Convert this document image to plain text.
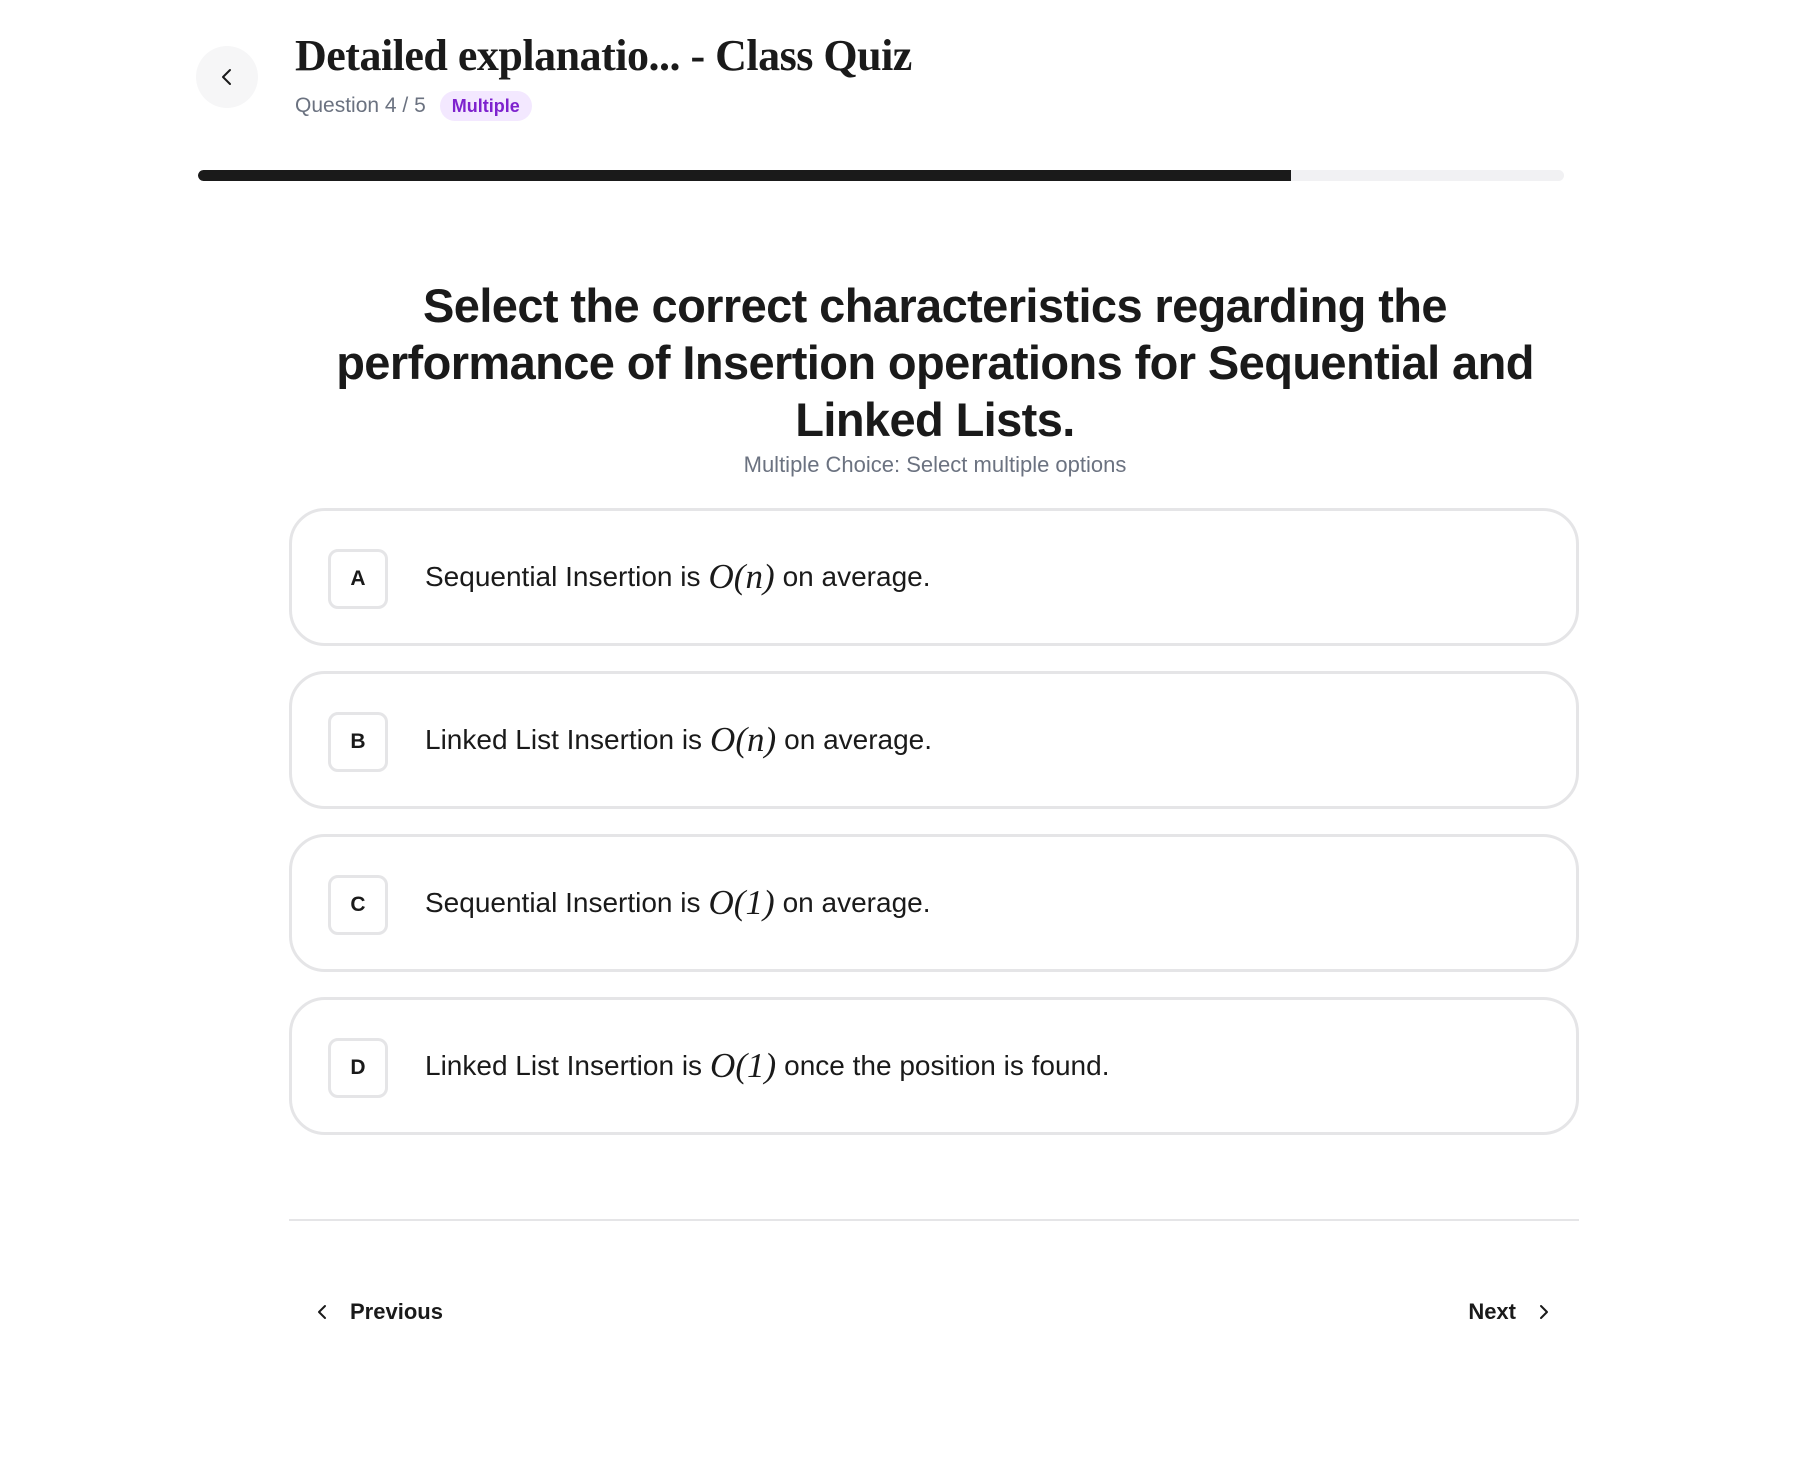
Detailed explanatio... - Class Quiz
Question 4 / 5	Multiple
Select the correct characteristics regarding the performance of Insertion operations for Sequential and Linked Lists.
Multiple Choice: Select multiple options
A	Sequential Insertion is O(n) on average.
B	Linked List Insertion is O(n) on average.
C	Sequential Insertion is O(1) on average.
D	Linked List Insertion is O(1) once the position is found.
Previous	Next
